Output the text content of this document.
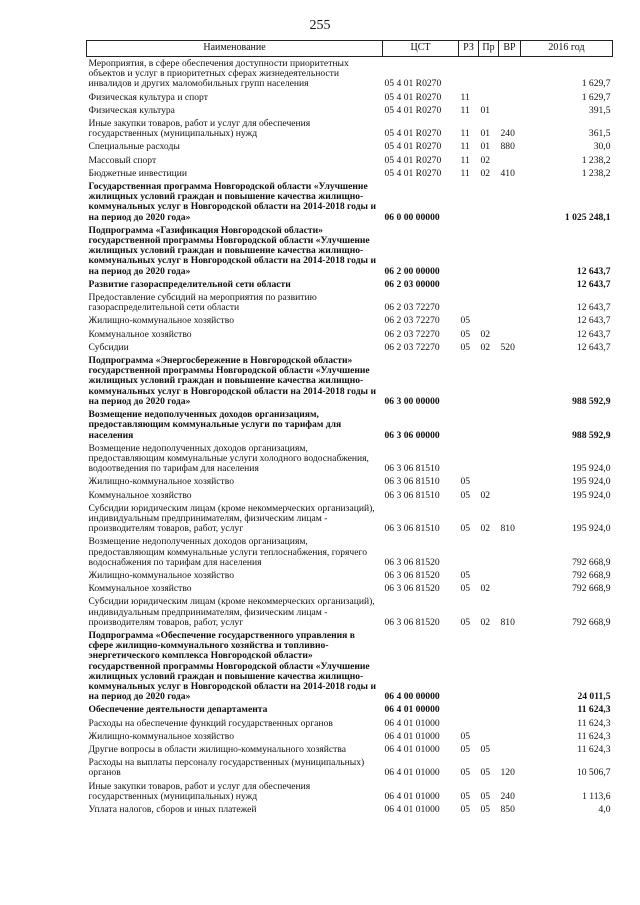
255
Наименование	ЦСТ	РЗ	Пр	ВР	2016 год
Мероприятия, в сфере обеспечения доступности приоритетных объектов и услуг в приоритетных сферах жизнедеятельности инвалидов и других маломобильных групп населения	05 4 01 R0270				1 629,7
Физическая культура и спорт	05 4 01 R0270	11			1 629,7
Физическая культура	05 4 01 R0270	11	01		391,5
Иные закупки товаров, работ и услуг для обеспечения государственных (муниципальных) нужд	05 4 01 R0270	11	01	240	361,5
Специальные расходы	05 4 01 R0270	11	01	880	30,0
Массовый спорт	05 4 01 R0270	11	02		1 238,2
Бюджетные инвестиции	05 4 01 R0270	11	02	410	1 238,2
Государственная программа Новгородской области «Улучшение жилищных условий граждан и повышение качества жилищно-коммунальных услуг в Новгородской области на 2014-2018 годы и на период до 2020 года»	06 0 00 00000				1 025 248,1
Подпрограмма «Газификация Новгородской области» государственной программы Новгородской области «Улучшение жилищных условий граждан и повышение качества жилищно-коммунальных услуг в Новгородской области на 2014-2018 годы и на период до 2020 года»	06 2 00 00000				12 643,7
Развитие газораспределительной сети области	06 2 03 00000				12 643,7
Предоставление субсидий на мероприятия по развитию газораспределительной сети области	06 2 03 72270				12 643,7
Жилищно-коммунальное хозяйство	06 2 03 72270	05			12 643,7
Коммунальное хозяйство	06 2 03 72270	05	02		12 643,7
Субсидии	06 2 03 72270	05	02	520	12 643,7
Подпрограмма «Энергосбережение в Новгородской области» государственной программы Новгородской области «Улучшение жилищных условий граждан и повышение качества жилищно-коммунальных услуг в Новгородской области на 2014-2018 годы и на период до 2020 года»	06 3 00 00000				988 592,9
Возмещение недополученных доходов организациям, предоставляющим коммунальные услуги по тарифам для населения	06 3 06 00000				988 592,9
Возмещение недополученных доходов организациям, предоставляющим коммунальные услуги холодного водоснабжения, водоотведения по тарифам для населения	06 3 06 81510				195 924,0
Жилищно-коммунальное хозяйство	06 3 06 81510	05			195 924,0
Коммунальное хозяйство	06 3 06 81510	05	02		195 924,0
Субсидии юридическим лицам (кроме некоммерческих организаций), индивидуальным предпринимателям, физическим лицам - производителям товаров, работ, услуг	06 3 06 81510	05	02	810	195 924,0
Возмещение недополученных доходов организациям, предоставляющим коммунальные услуги теплоснабжения, горячего водоснабжения по тарифам для населения	06 3 06 81520				792 668,9
Жилищно-коммунальное хозяйство	06 3 06 81520	05			792 668,9
Коммунальное хозяйство	06 3 06 81520	05	02		792 668,9
Субсидии юридическим лицам (кроме некоммерческих организаций), индивидуальным предпринимателям, физическим лицам - производителям товаров, работ, услуг	06 3 06 81520	05	02	810	792 668,9
Подпрограмма «Обеспечение государственного управления в сфере жилищно-коммунального хозяйства и топливно-энергетического комплекса Новгородской области» государственной программы Новгородской области «Улучшение жилищных условий граждан и повышение качества жилищно-коммунальных услуг в Новгородской области на 2014-2018 годы и на период до 2020 года»	06 4 00 00000				24 011,5
Обеспечение деятельности департамента	06 4 01 00000				11 624,3
Расходы на обеспечение функций государственных органов	06 4 01 01000				11 624,3
Жилищно-коммунальное хозяйство	06 4 01 01000	05			11 624,3
Другие вопросы в области жилищно-коммунального хозяйства	06 4 01 01000	05	05		11 624,3
Расходы на выплаты персоналу государственных (муниципальных) органов	06 4 01 01000	05	05	120	10 506,7
Иные закупки товаров, работ и услуг для обеспечения государственных (муниципальных) нужд	06 4 01 01000	05	05	240	1 113,6
Уплата налогов, сборов и иных платежей	06 4 01 01000	05	05	850	4,0
